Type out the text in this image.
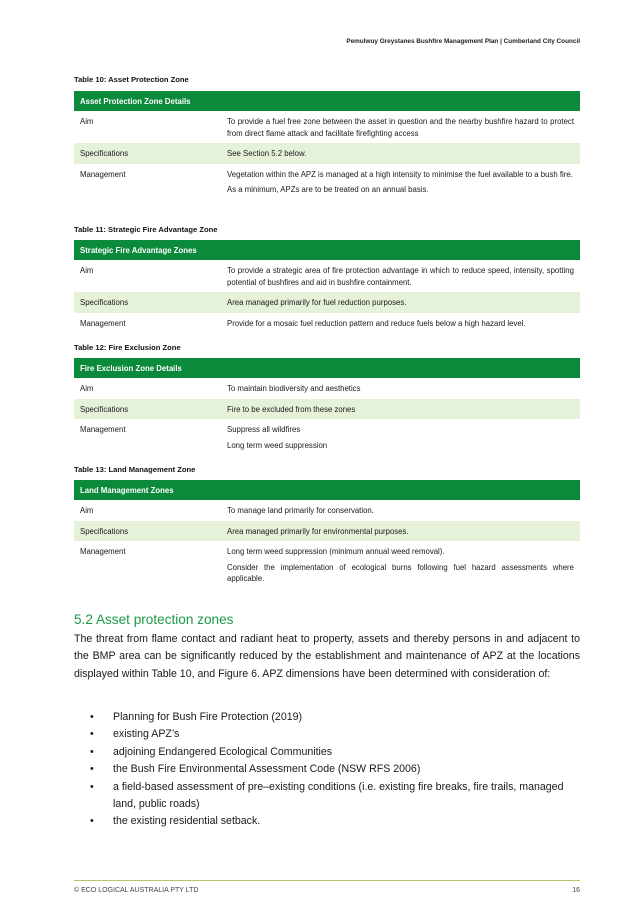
Pemulwuy Greystanes Bushfire Management Plan | Cumberland City Council
Table 10: Asset Protection Zone
Asset Protection Zone Details	
Aim	To provide a fuel free zone between the asset in question and the nearby bushfire hazard to protect from direct flame attack and facilitate firefighting access

Specifications	See Section 5.2 below.

Management	Vegetation within the APZ is managed at a high intensity to minimise the fuel available to a bush fire.

As a minimum, APZs are to be treated on an annual basis.

Table 11: Strategic Fire Advantage Zone
Strategic Fire Advantage Zones	
Aim	To provide a strategic area of fire protection advantage in which to reduce speed, intensity, spotting potential of bushfires and aid in bushfire containment.

Specifications	Area managed primarily for fuel reduction purposes.

Management	Provide for a mosaic fuel reduction pattern and reduce fuels below a high hazard level.

Table 12: Fire Exclusion Zone
Fire Exclusion Zone Details	
Aim	To maintain biodiversity and aesthetics

Specifications	Fire to be excluded from these zones

Management	Suppress all wildfires

Long term weed suppression

Table 13: Land Management Zone
Land Management Zones	
Aim	To manage land primarily for conservation.

Specifications	Area managed primarily for environmental purposes.

Management	Long term weed suppression (minimum annual weed removal).

Consider the implementation of ecological burns following fuel hazard assessments where applicable.

5.2 Asset protection zones
The threat from flame contact and radiant heat to property, assets and thereby persons in and adjacent to the BMP area can be significantly reduced by the establishment and maintenance of APZ at the locations displayed within Table 10, and Figure 6. APZ dimensions have been determined with consideration of:
• Planning for Bush Fire Protection (2019)
• existing APZ’s
• adjoining Endangered Ecological Communities
• the Bush Fire Environmental Assessment Code (NSW RFS 2006)
• a field-based assessment of pre–existing conditions (i.e. existing fire breaks, fire trails, managed land, public roads)
• the existing residential setback.
© ECO LOGICAL AUSTRALIA PTY LTD	16
